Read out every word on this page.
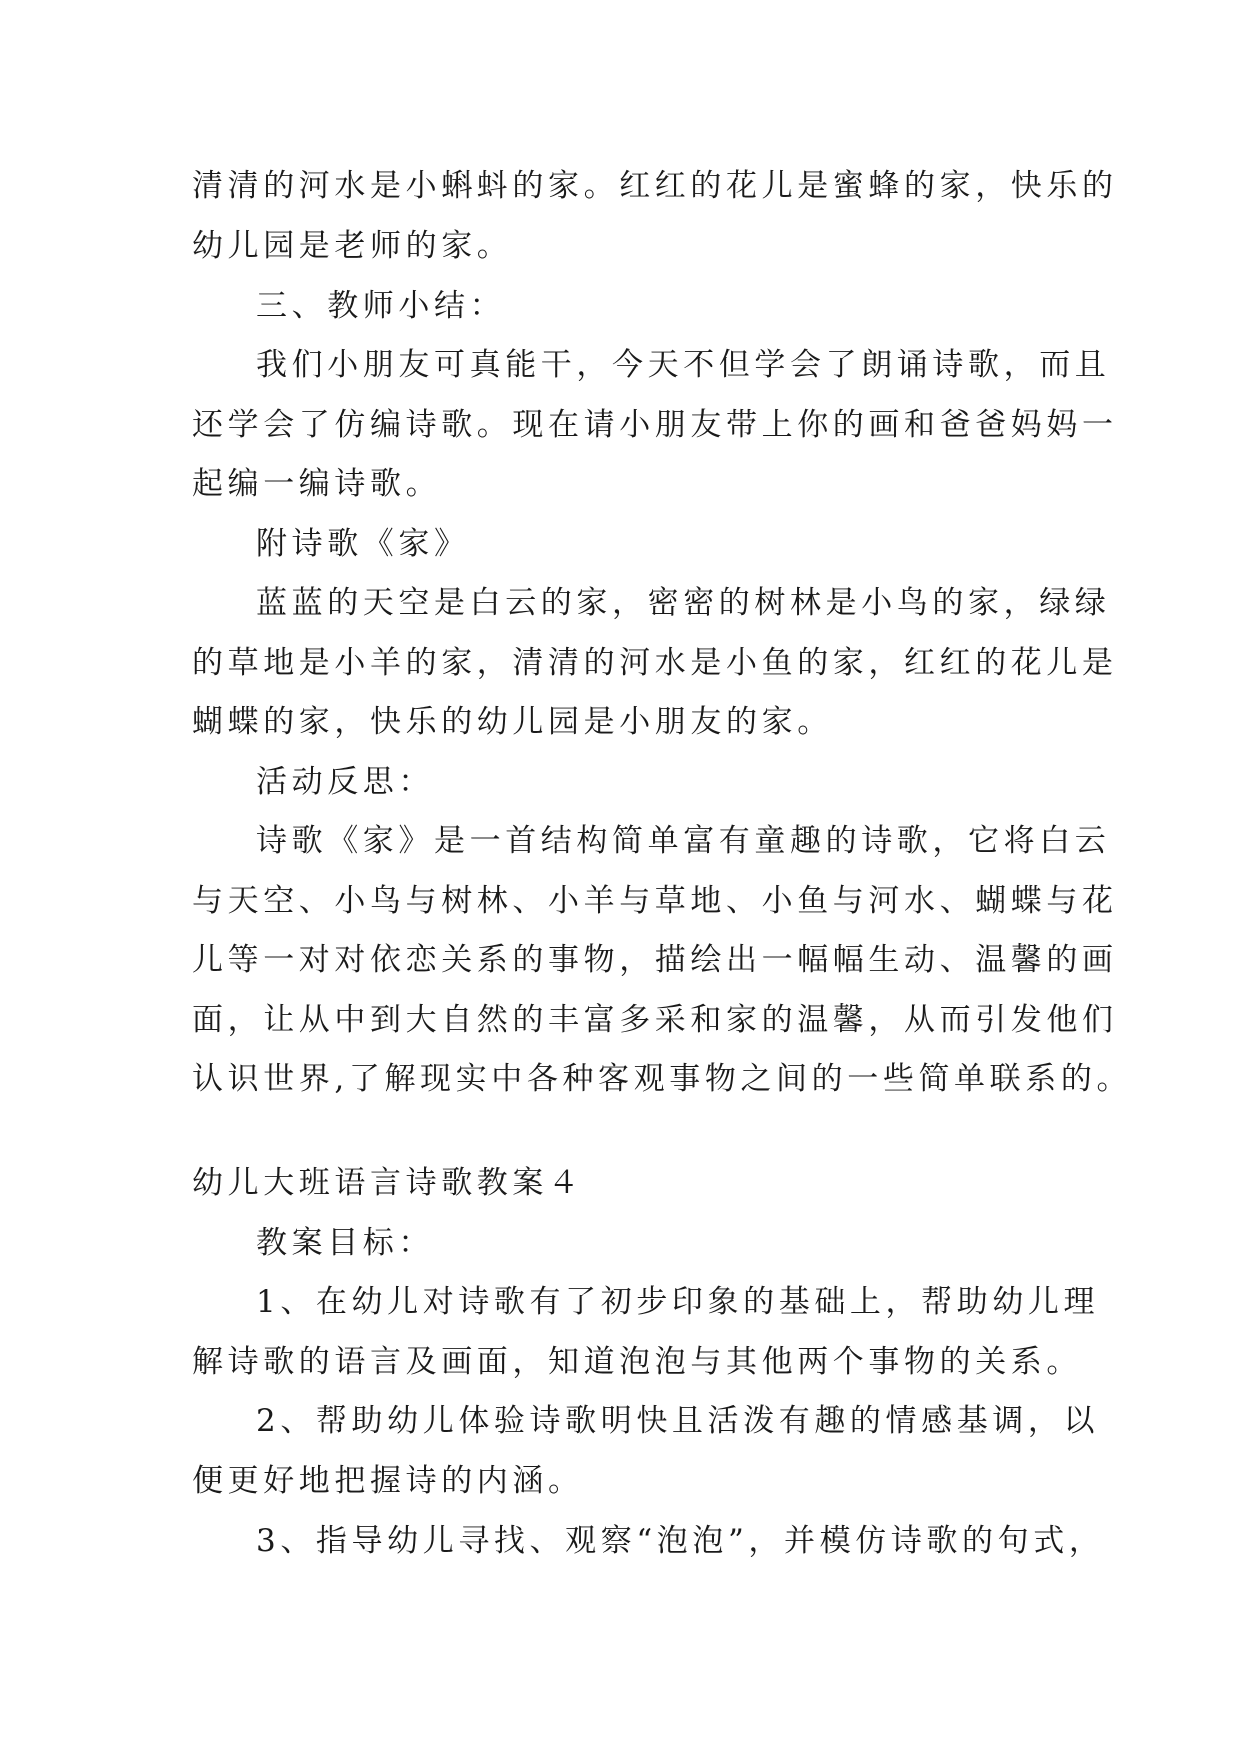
清清的河水是小蝌蚪的家。红红的花儿是蜜蜂的家，快乐的
幼儿园是老师的家。
三、教师小结：
我们小朋友可真能干，今天不但学会了朗诵诗歌，而且
还学会了仿编诗歌。现在请小朋友带上你的画和爸爸妈妈一
起编一编诗歌。
附诗歌《家》
蓝蓝的天空是白云的家，密密的树林是小鸟的家，绿绿
的草地是小羊的家，清清的河水是小鱼的家，红红的花儿是
蝴蝶的家，快乐的幼儿园是小朋友的家。
活动反思：
诗歌《家》是一首结构简单富有童趣的诗歌，它将白云
与天空、小鸟与树林、小羊与草地、小鱼与河水、蝴蝶与花
儿等一对对依恋关系的事物，描绘出一幅幅生动、温馨的画
面，让从中到大自然的丰富多采和家的温馨，从而引发他们
认识世界,了解现实中各种客观事物之间的一些简单联系的。
幼儿大班语言诗歌教案４
教案目标：
1、在幼儿对诗歌有了初步印象的基础上，帮助幼儿理
解诗歌的语言及画面，知道泡泡与其他两个事物的关系。
2、帮助幼儿体验诗歌明快且活泼有趣的情感基调，以
便更好地把握诗的内涵。
3、指导幼儿寻找、观察“泡泡”，并模仿诗歌的句式，
